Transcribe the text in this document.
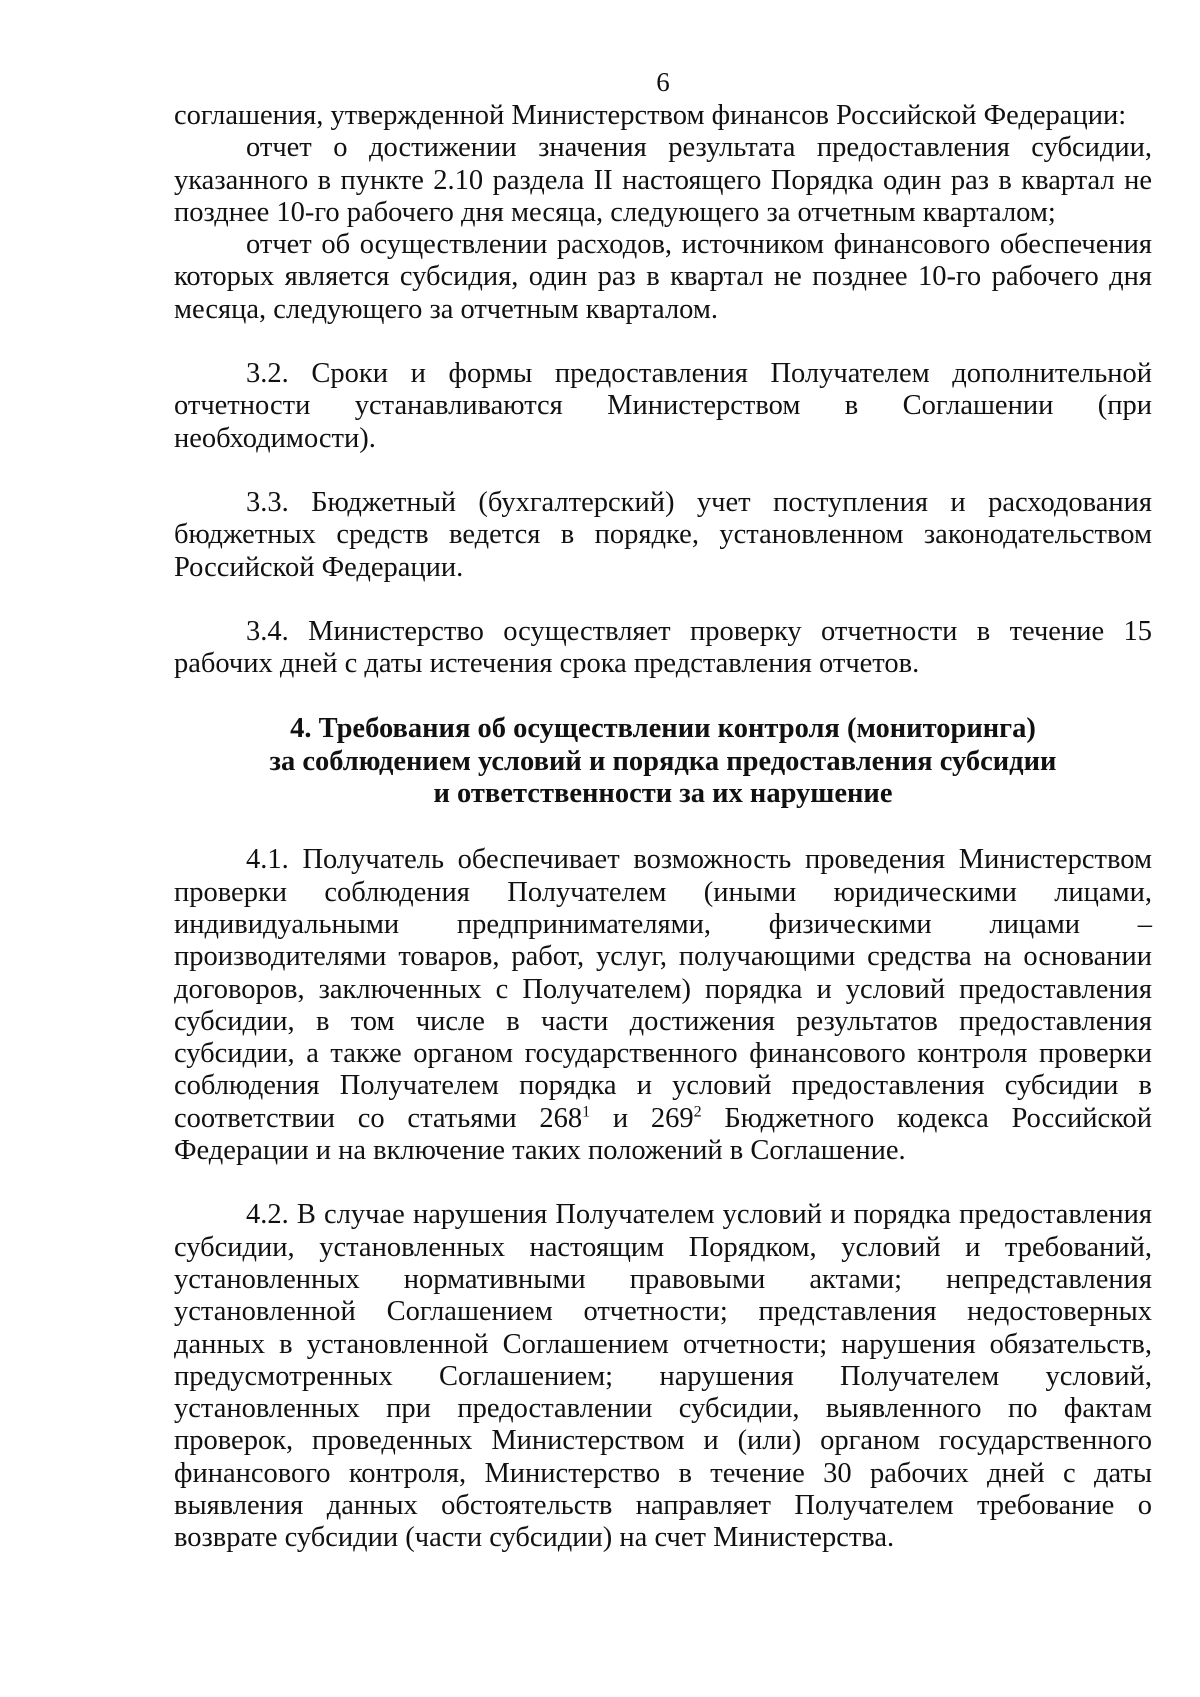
6

соглашения, утвержденной Министерством финансов Российской Федерации:

отчет о достижении значения результата предоставления субсидии, указанного в пункте 2.10 раздела II настоящего Порядка один раз в квартал не позднее 10-го рабочего дня месяца, следующего за отчетным кварталом;

отчет об осуществлении расходов, источником финансового обеспечения которых является субсидия, один раз в квартал не позднее 10-го рабочего дня месяца, следующего за отчетным кварталом.

3.2. Сроки и формы предоставления Получателем дополнительной отчетности устанавливаются Министерством в Соглашении (при необходимости).

3.3. Бюджетный (бухгалтерский) учет поступления и расходования бюджетных средств ведется в порядке, установленном законодательством Российской Федерации.

3.4. Министерство осуществляет проверку отчетности в течение 15 рабочих дней с даты истечения срока представления отчетов.

4. Требования об осуществлении контроля (мониторинга)
за соблюдением условий и порядка предоставления субсидии
и ответственности за их нарушение

4.1. Получатель обеспечивает возможность проведения Министерством проверки соблюдения Получателем (иными юридическими лицами, индивидуальными предпринимателями, физическими лицами – производителями товаров, работ, услуг, получающими средства на основании договоров, заключенных с Получателем) порядка и условий предоставления субсидии, в том числе в части достижения результатов предоставления субсидии, а также органом государственного финансового контроля проверки соблюдения Получателем порядка и условий предоставления субсидии в соответствии со статьями $268^1$ и $269^2$ Бюджетного кодекса Российской Федерации и на включение таких положений в Соглашение.

4.2. В случае нарушения Получателем условий и порядка предоставления субсидии, установленных настоящим Порядком, условий и требований, установленных нормативными правовыми актами; непредставления установленной Соглашением отчетности; представления недостоверных данных в установленной Соглашением отчетности; нарушения обязательств, предусмотренных Соглашением; нарушения Получателем условий, установленных при предоставлении субсидии, выявленного по фактам проверок, проведенных Министерством и (или) органом государственного финансового контроля, Министерство в течение 30 рабочих дней с даты выявления данных обстоятельств направляет Получателем требование о возврате субсидии (части субсидии) на счет Министерства.
